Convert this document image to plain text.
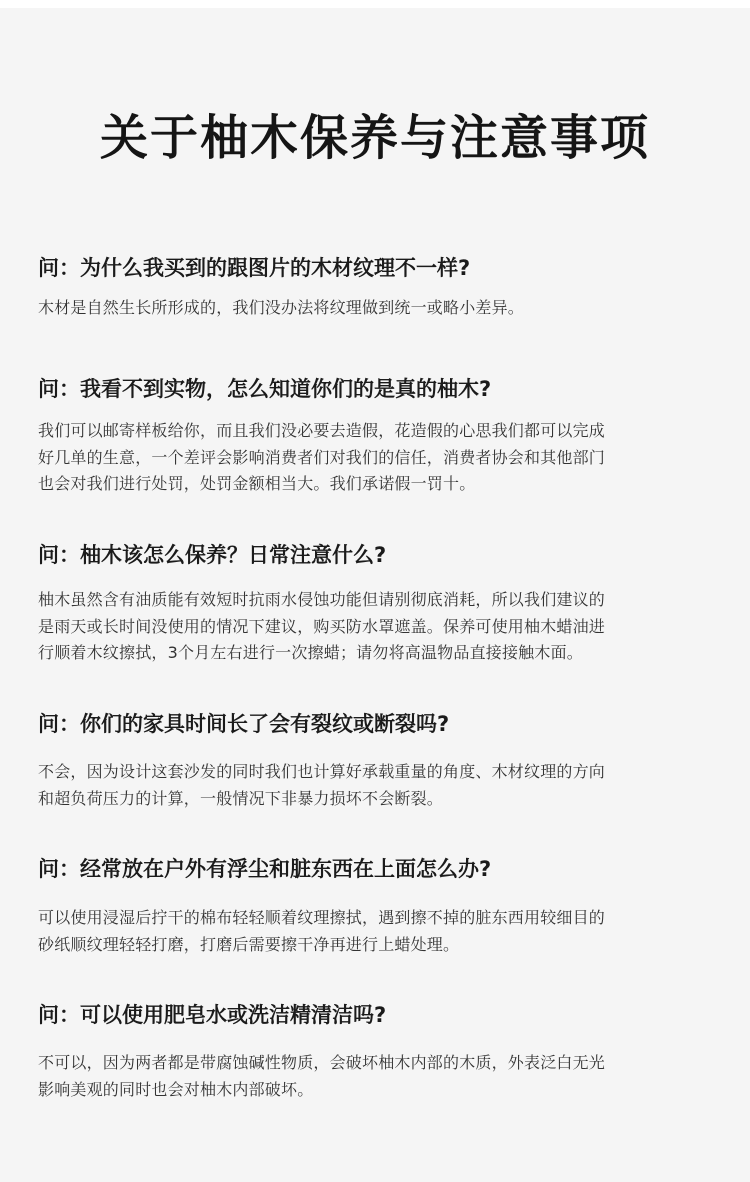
关于柚木保养与注意事项

问：为什么我买到的跟图片的木材纹理不一样?

木材是自然生长所形成的，我们没办法将纹理做到统一或略小差异。

问：我看不到实物，怎么知道你们的是真的柚木?

我们可以邮寄样板给你，而且我们没必要去造假，花造假的心思我们都可以完成
好几单的生意，一个差评会影响消费者们对我们的信任，消费者协会和其他部门
也会对我们进行处罚，处罚金额相当大。我们承诺假一罚十。

问：柚木该怎么保养？日常注意什么?

柚木虽然含有油质能有效短时抗雨水侵蚀功能但请别彻底消耗，所以我们建议的
是雨天或长时间没使用的情况下建议，购买防水罩遮盖。保养可使用柚木蜡油进
行顺着木纹擦拭，3个月左右进行一次擦蜡；请勿将高温物品直接接触木面。

问：你们的家具时间长了会有裂纹或断裂吗?

不会，因为设计这套沙发的同时我们也计算好承载重量的角度、木材纹理的方向
和超负荷压力的计算，一般情况下非暴力损坏不会断裂。

问：经常放在户外有浮尘和脏东西在上面怎么办?

可以使用浸湿后拧干的棉布轻轻顺着纹理擦拭，遇到擦不掉的脏东西用较细目的
砂纸顺纹理轻轻打磨，打磨后需要擦干净再进行上蜡处理。

问：可以使用肥皂水或洗洁精清洁吗?

不可以，因为两者都是带腐蚀碱性物质，会破坏柚木内部的木质，外表泛白无光
影响美观的同时也会对柚木内部破坏。
